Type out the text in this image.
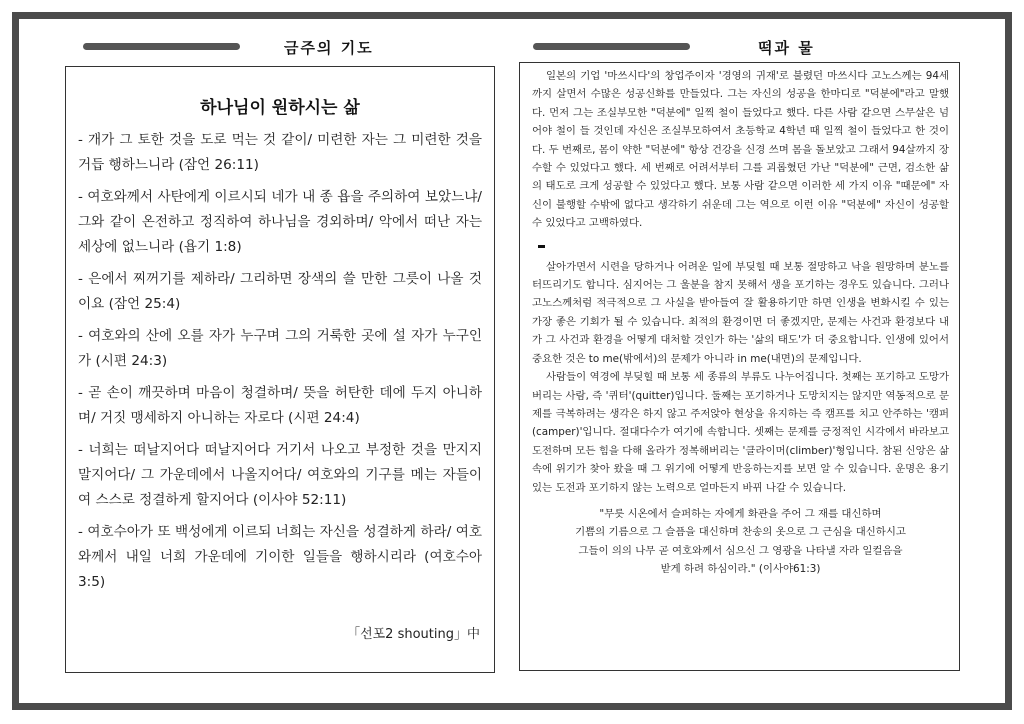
금주의 기도	떡과 물
하나님이 원하시는 삶

- 개가 그 토한 것을 도로 먹는 것 같이/ 미련한 자는 그 미련한 것을 거듭 행하느니라 (잠언 26:11)

- 여호와께서 사탄에게 이르시되 네가 내 종 욥을 주의하여 보았느냐/ 그와 같이 온전하고 정직하여 하나님을 경외하며/ 악에서 떠난 자는 세상에 없느니라 (욥기 1:8)

- 은에서 찌꺼기를 제하라/ 그리하면 장색의 쓸 만한 그릇이 나올 것이요 (잠언 25:4)

- 여호와의 산에 오를 자가 누구며 그의 거룩한 곳에 설 자가 누구인가 (시편 24:3)

- 곧 손이 깨끗하며 마음이 청결하며/ 뜻을 허탄한 데에 두지 아니하며/ 거짓 맹세하지 아니하는 자로다 (시편 24:4)

- 너희는 떠날지어다 떠날지어다 거기서 나오고 부정한 것을 만지지 말지어다/ 그 가운데에서 나올지어다/ 여호와의 기구를 메는 자들이여 스스로 정결하게 할지어다 (이사야 52:11)

- 여호수아가 또 백성에게 이르되 너희는 자신을 성결하게 하라/ 여호와께서 내일 너희 가운데에 기이한 일들을 행하시리라 (여호수아 3:5)

「선포2 shouting」中

일본의 기업 '마쓰시다'의 창업주이자 '경영의 귀재'로 불렸던 마쓰시다 고노스께는 94세까지 살면서 수많은 성공신화를 만들었다. 그는 자신의 성공을 한마디로 "덕분에"라고 말했다. 먼저 그는 조실부모한 "덕분에" 일찍 철이 들었다고 했다. 다른 사람 같으면 스무살은 넘어야 철이 들 것인데 자신은 조실부모하여서 초등학교 4학년 때 일찍 철이 들었다고 한 것이다. 두 번째로, 몸이 약한 "덕분에" 항상 건강을 신경 쓰며 몸을 돌보았고 그래서 94살까지 장수할 수 있었다고 했다. 세 번째로 어려서부터 그를 괴롭혔던 가난 "덕분에" 근면, 검소한 삶의 태도로 크게 성공할 수 있었다고 했다. 보통 사람 같으면 이러한 세 가지 이유 "때문에" 자신이 불행할 수밖에 없다고 생각하기 쉬운데 그는 역으로 이런 이유 "덕분에" 자신이 성공할 수 있었다고 고백하였다.

살아가면서 시련을 당하거나 어려운 일에 부딪힐 때 보통 절망하고 낙을 원망하며 분노를 터뜨리기도 합니다. 심지어는 그 울분을 참지 못해서 생을 포기하는 경우도 있습니다. 그러나 고노스께처럼 적극적으로 그 사실을 받아들여 잘 활용하기만 하면 인생을 변화시킬 수 있는 가장 좋은 기회가 될 수 있습니다. 최적의 환경이면 더 좋겠지만, 문제는 사건과 환경보다 내가 그 사건과 환경을 어떻게 대처할 것인가 하는 '삶의 태도'가 더 중요합니다. 인생에 있어서 중요한 것은 to me(밖에서)의 문제가 아니라 in me(내면)의 문제입니다.

사람들이 역경에 부딪힐 때 보통 세 종류의 부류도 나누어집니다. 첫째는 포기하고 도망가 버리는 사람, 즉 '퀴터'(quitter)입니다. 둘째는 포기하거나 도망치지는 않지만 역동적으로 문제를 극복하려는 생각은 하지 않고 주저앉아 현상을 유지하는 즉 캠프를 치고 안주하는 '캠퍼(camper)'입니다. 절대다수가 여기에 속합니다. 셋째는 문제를 긍정적인 시각에서 바라보고 도전하며 모든 힘을 다해 올라가 정복해버리는 '클라이머(climber)'형입니다. 참된 신앙은 삶 속에 위기가 찾아 왔을 때 그 위기에 어떻게 반응하는지를 보면 알 수 있습니다. 운명은 용기 있는 도전과 포기하지 않는 노력으로 얼마든지 바뀌 나갈 수 있습니다.

"무릇 시온에서 슬퍼하는 자에게 화관을 주어 그 재를 대신하며
기쁨의 기름으로 그 슬픔을 대신하며 찬송의 옷으로 그 근심을 대신하시고
그들이 의의 나무 곧 여호와께서 심으신 그 영광을 나타낼 자라 일컬음을
받게 하려 하심이라." (이사야61:3)
